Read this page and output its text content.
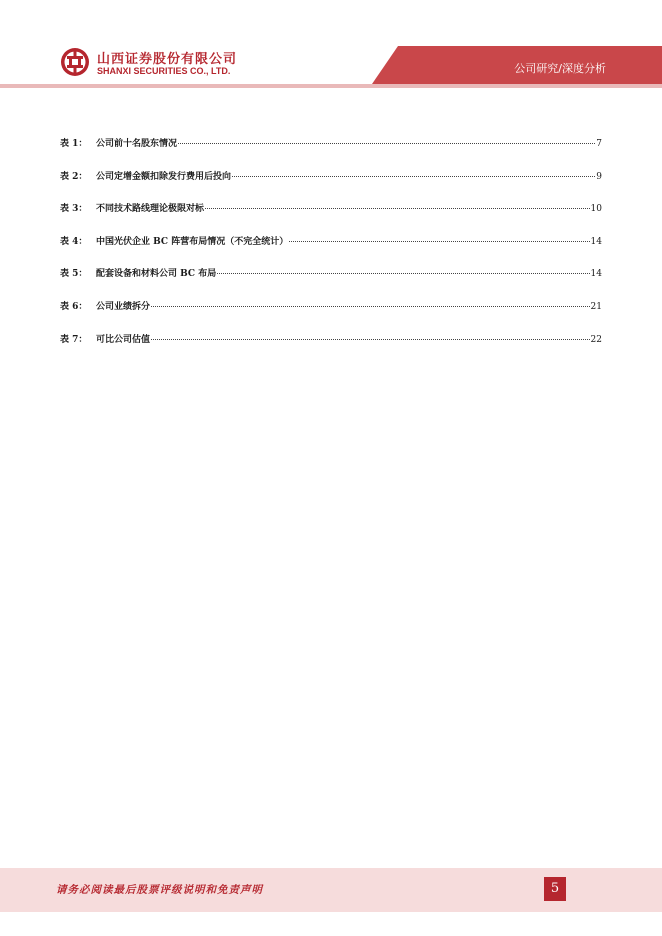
山西证券股份有限公司
SHANXI SECURITIES CO., LTD.	公司研究/深度分析
表 1： 公司前十名股东情况	7
表 2： 公司定增金额扣除发行费用后投向	9
表 3： 不同技术路线理论极限对标	10
表 4： 中国光伏企业 BC 阵营布局情况（不完全统计）	14
表 5： 配套设备和材料公司 BC 布局	14
表 6： 公司业绩拆分	21
表 7： 可比公司估值	22
请务必阅读最后股票评级说明和免责声明	5
